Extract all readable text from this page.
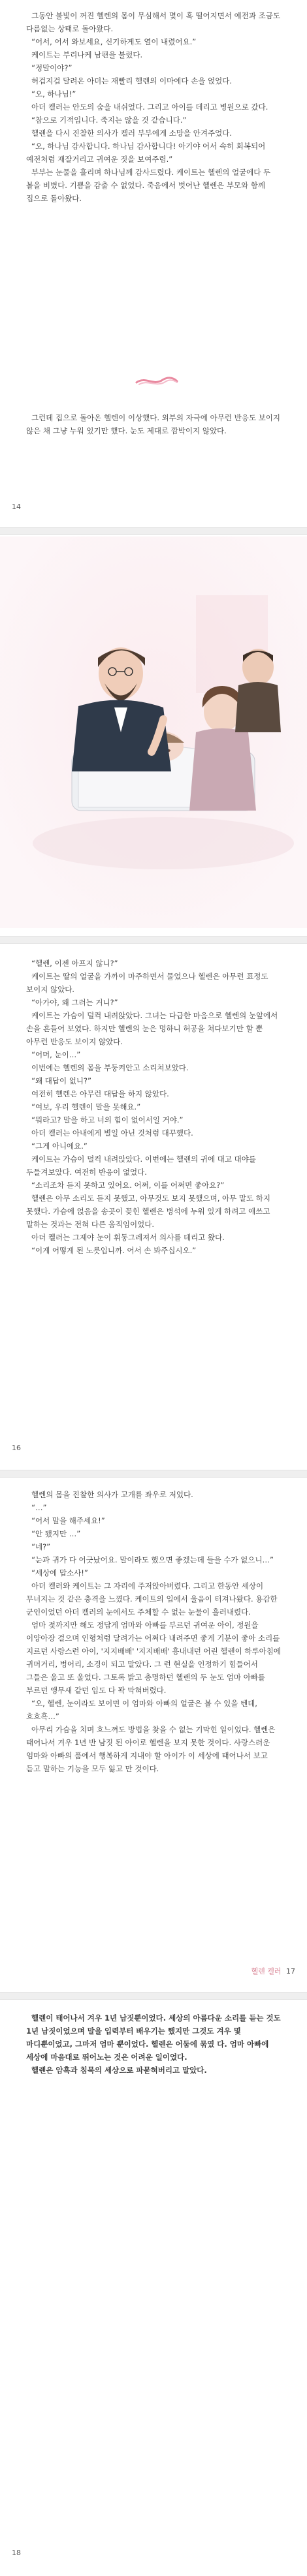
그동안 불빛이 꺼진 헬렌의 몸이 무심해서 몇이 혹 떨어지면서 예전과 조금도 다름없는 상태로 돌아왔다.

“어서, 어서 와보세요, 신기하게도 열이 내렸어요.”

케이트는 부리나케 남편을 불렀다.

“정말이야?”

허겁지겁 달려온 아더는 재빨리 헬렌의 이마에다 손을 얹었다.

“오, 하나님!”

아더 켈러는 안도의 숨을 내쉬었다. 그리고 아이를 데리고 병원으로 갔다.

“참으로 기적입니다. 죽지는 않을 것 같습니다.”

헬렌을 다시 진찰한 의사가 켈러 부부에게 소망을 안겨주었다.

“오, 하나님 감사합니다. 하나님 감사합니다! 아기야 어서 속히 회복되어 예전처럼 재잘거리고 귀여운 짓을 보여주렴.”

부부는 눈물을 흘리며 하나님께 감사드렸다. 케이트는 헬렌의 얼굴에다 두 볼을 비볐다. 기쁨을 감출 수 없었다. 죽음에서 벗어난 헬렌은 부모와 함께 집으로 돌아왔다.

그런데 집으로 돌아온 헬렌이 이상했다. 외부의 자극에 아무런 반응도 보이지 않은 채 그냥 누워 있기만 했다. 눈도 제대로 깜박이지 않았다.

14

“헬렌, 이젠 아프지 않니?”

케이트는 딸의 얼굴을 가까이 마주하면서 물었으나 헬렌은 아무런 표정도 보이지 않았다.

“아가야, 왜 그러는 거니?”

케이트는 가슴이 덜컥 내려앉았다. 그녀는 다급한 마음으로 헬렌의 눈앞에서 손을 흔들어 보였다. 하지만 헬렌의 눈은 멍하니 허공을 쳐다보기만 할 뿐 아무런 반응도 보이지 않았다.

“어머, 눈이…”

이번에는 헬렌의 몸을 부둥켜안고 소리쳐보았다.

“왜 대답이 없니?”

여전히 헬렌은 아무런 대답을 하지 않았다.

“여보, 우리 헬렌이 말을 못해요.”

“뭐라고? 말을 하고 너의 힘이 없어서일 거야.”

아더 켈러는 아내에게 별일 아닌 것처럼 대꾸했다.

“그게 아니에요.”

케이트는 가슴이 덜컥 내려앉았다. 이번에는 헬렌의 귀에 대고 대야를 두들겨보았다. 여전히 반응이 없었다.

“소리조차 듣지 못하고 있어요. 어쩌, 이를 어쩌면 좋아요?”

헬렌은 아무 소리도 듣지 못했고, 아무것도 보지 못했으며, 아무 말도 하지 못했다. 가슴에 얹음을 송곳이 꽂힌 헬렌은 병석에 누워 있게 하려고 애쓰고 말하는 것과는 전혀 다른 움직임이었다.

아더 켈러는 그제야 눈이 휘둥그레져서 의사를 데리고 왔다.

“이게 어떻게 된 노릇입니까. 어서 손 봐주십시오.”

16

헬렌의 몸을 진찰한 의사가 고개를 좌우로 저었다.

“…”

“어서 말을 해주세요!”

“안 됐지만 …”

“네?”

“눈과 귀가 다 어긋났어요. 말이라도 했으면 좋겠는데 들을 수가 없으니…”

“세상에 맙소사!”

아더 켈러와 케이트는 그 자리에 주저앉아버렸다. 그리고 한동안 세상이 무너지는 것 같은 충격을 느꼈다. 케이트의 입에서 울음이 터져나왔다. 용감한 군인이었던 아더 켈러의 눈에서도 주체할 수 없는 눈물이 흘러내렸다.

엄마 젖까지만 해도 정답게 엄마와 아빠를 부르던 귀여운 아이, 정원을 이양아장 걸으며 인형처럼 달려가는 어쩌다 내려주면 좋게 기분이 좋아 소리를 지르던 사랑스런 아이, '지지배배' '지지배배' 흥내내던 어린 헬렌이 하루아침에 귀머거리, 벙어리, 소경이 되고 말았다. 그 런 현실을 인정하기 힘들어서 그들은 울고 또 울었다. 그토록 밝고 총명하던 헬렌의 두 눈도 엄마 아빠를 부르던 앵무새 같던 입도 다 꽉 막혀버렸다.

“오, 헬렌, 눈이라도 보이면 이 엄마와 아빠의 얼굴은 볼 수 있을 텐데, 흐흐흑…”

아무리 가슴을 치며 흐느껴도 방법을 찾을 수 없는 기막힌 일이었다. 헬렌은 태어나서 겨우 1년 반 남짓 된 아이로 헬렌을 보지 못한 것이다. 사랑스러운 엄마와 아빠의 품에서 행복하게 지내야 할 아이가 이 세상에 태어나서 보고 듣고 말하는 기능을 모두 잃고 만 것이다.

헬렌 켈러 17

헬렌이 태어나서 겨우 1년 남짓뿐이었다. 세상의 아름다운 소리를 듣는 것도 1년 남짓이었으며 말을 입력부터 배우기는 했지만 그것도 겨우 몇 마디뿐이었고, 그마저 엄마 뿐이었다. 헬렌은 어둠에 묶였 다. 엄마 아빠에 세상에 마음대로 뛰어노는 것은 어려운 일이었다.

헬렌은 암흑과 침묵의 세상으로 파묻혀버리고 말았다.

18
